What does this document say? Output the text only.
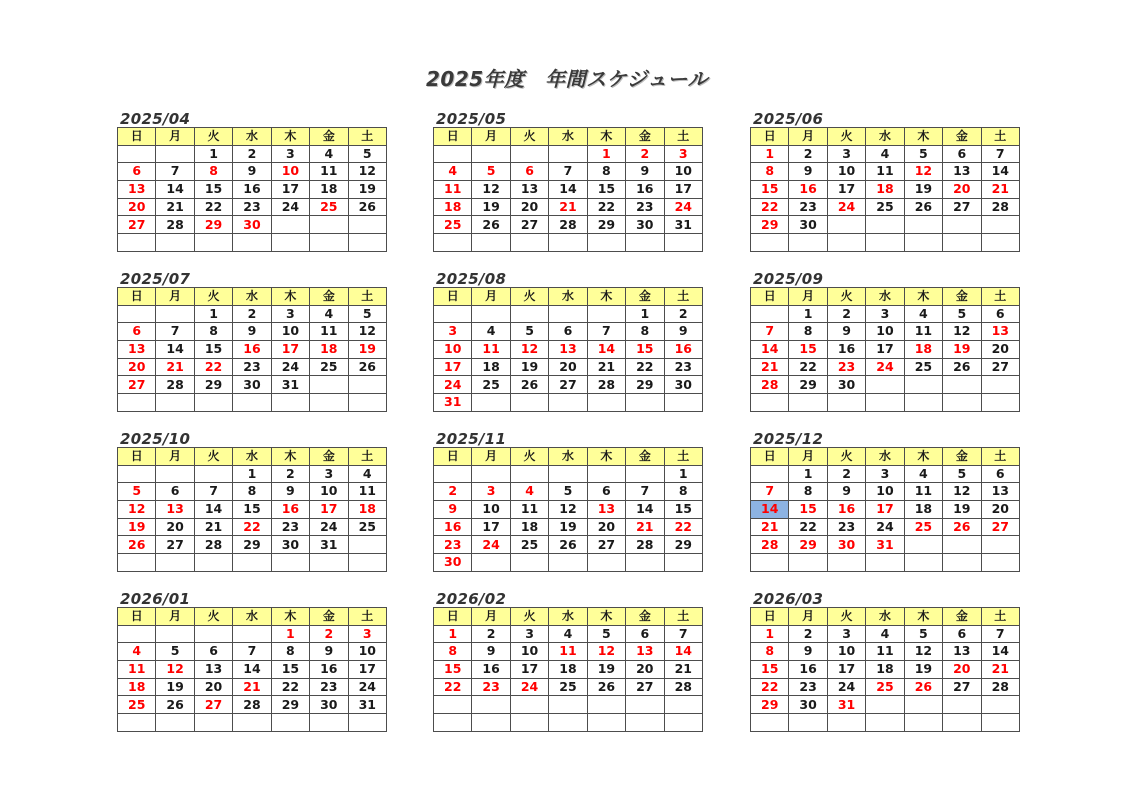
2025年度　年間スケジュール
2025/04
日	月	火	水	木	金	土
		1	2	3	4	5
6	7	8	9	10	11	12
13	14	15	16	17	18	19
20	21	22	23	24	25	26
27	28	29	30			

2025/05
日	月	火	水	木	金	土
				1	2	3
4	5	6	7	8	9	10
11	12	13	14	15	16	17
18	19	20	21	22	23	24
25	26	27	28	29	30	31

2025/06
日	月	火	水	木	金	土
1	2	3	4	5	6	7
8	9	10	11	12	13	14
15	16	17	18	19	20	21
22	23	24	25	26	27	28
29	30					

2025/07
日	月	火	水	木	金	土
		1	2	3	4	5
6	7	8	9	10	11	12
13	14	15	16	17	18	19
20	21	22	23	24	25	26
27	28	29	30	31		

2025/08
日	月	火	水	木	金	土
					1	2
3	4	5	6	7	8	9
10	11	12	13	14	15	16
17	18	19	20	21	22	23
24	25	26	27	28	29	30
31						
2025/09
日	月	火	水	木	金	土
	1	2	3	4	5	6
7	8	9	10	11	12	13
14	15	16	17	18	19	20
21	22	23	24	25	26	27
28	29	30				

2025/10
日	月	火	水	木	金	土
			1	2	3	4
5	6	7	8	9	10	11
12	13	14	15	16	17	18
19	20	21	22	23	24	25
26	27	28	29	30	31	

2025/11
日	月	火	水	木	金	土
						1
2	3	4	5	6	7	8
9	10	11	12	13	14	15
16	17	18	19	20	21	22
23	24	25	26	27	28	29
30						
2025/12
日	月	火	水	木	金	土
	1	2	3	4	5	6
7	8	9	10	11	12	13
14	15	16	17	18	19	20
21	22	23	24	25	26	27
28	29	30	31			

2026/01
日	月	火	水	木	金	土
				1	2	3
4	5	6	7	8	9	10
11	12	13	14	15	16	17
18	19	20	21	22	23	24
25	26	27	28	29	30	31

2026/02
日	月	火	水	木	金	土
1	2	3	4	5	6	7
8	9	10	11	12	13	14
15	16	17	18	19	20	21
22	23	24	25	26	27	28

2026/03
日	月	火	水	木	金	土
1	2	3	4	5	6	7
8	9	10	11	12	13	14
15	16	17	18	19	20	21
22	23	24	25	26	27	28
29	30	31				
